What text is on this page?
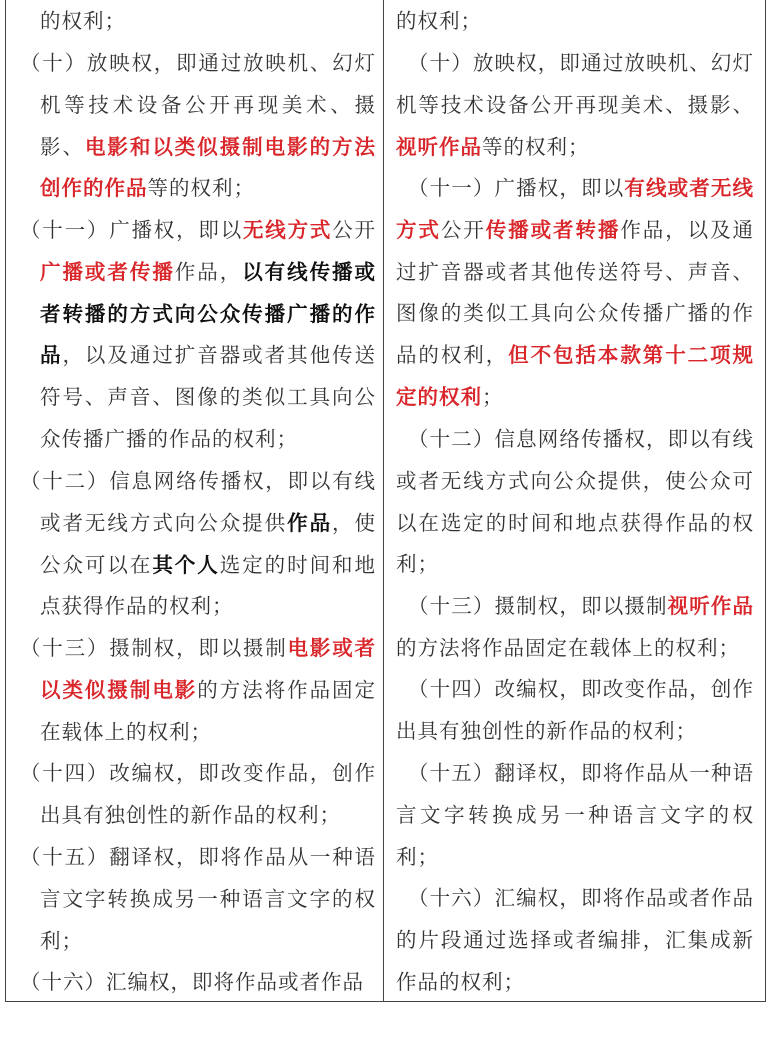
的权利；

（十）放映权，即通过放映机、幻灯机等技术设备公开再现美术、摄影、电影和以类似摄制电影的方法创作的作品等的权利；

（十一）广播权，即以无线方式公开广播或者传播作品，以有线传播或者转播的方式向公众传播广播的作品，以及通过扩音器或者其他传送符号、声音、图像的类似工具向公众传播广播的作品的权利；

（十二）信息网络传播权，即以有线或者无线方式向公众提供作品，使公众可以在其个人选定的时间和地点获得作品的权利；

（十三）摄制权，即以摄制电影或者以类似摄制电影的方法将作品固定在载体上的权利；

（十四）改编权，即改变作品，创作出具有独创性的新作品的权利；

（十五）翻译权，即将作品从一种语言文字转换成另一种语言文字的权利；

（十六）汇编权，即将作品或者作品

的权利；

（十）放映权，即通过放映机、幻灯机等技术设备公开再现美术、摄影、视听作品等的权利；

（十一）广播权，即以有线或者无线方式公开传播或者转播作品，以及通过扩音器或者其他传送符号、声音、图像的类似工具向公众传播广播的作品的权利，但不包括本款第十二项规定的权利；

（十二）信息网络传播权，即以有线或者无线方式向公众提供，使公众可以在选定的时间和地点获得作品的权利；

（十三）摄制权，即以摄制视听作品的方法将作品固定在载体上的权利；

（十四）改编权，即改变作品，创作出具有独创性的新作品的权利；

（十五）翻译权，即将作品从一种语言文字转换成另一种语言文字的权利；

（十六）汇编权，即将作品或者作品的片段通过选择或者编排，汇集成新作品的权利；
